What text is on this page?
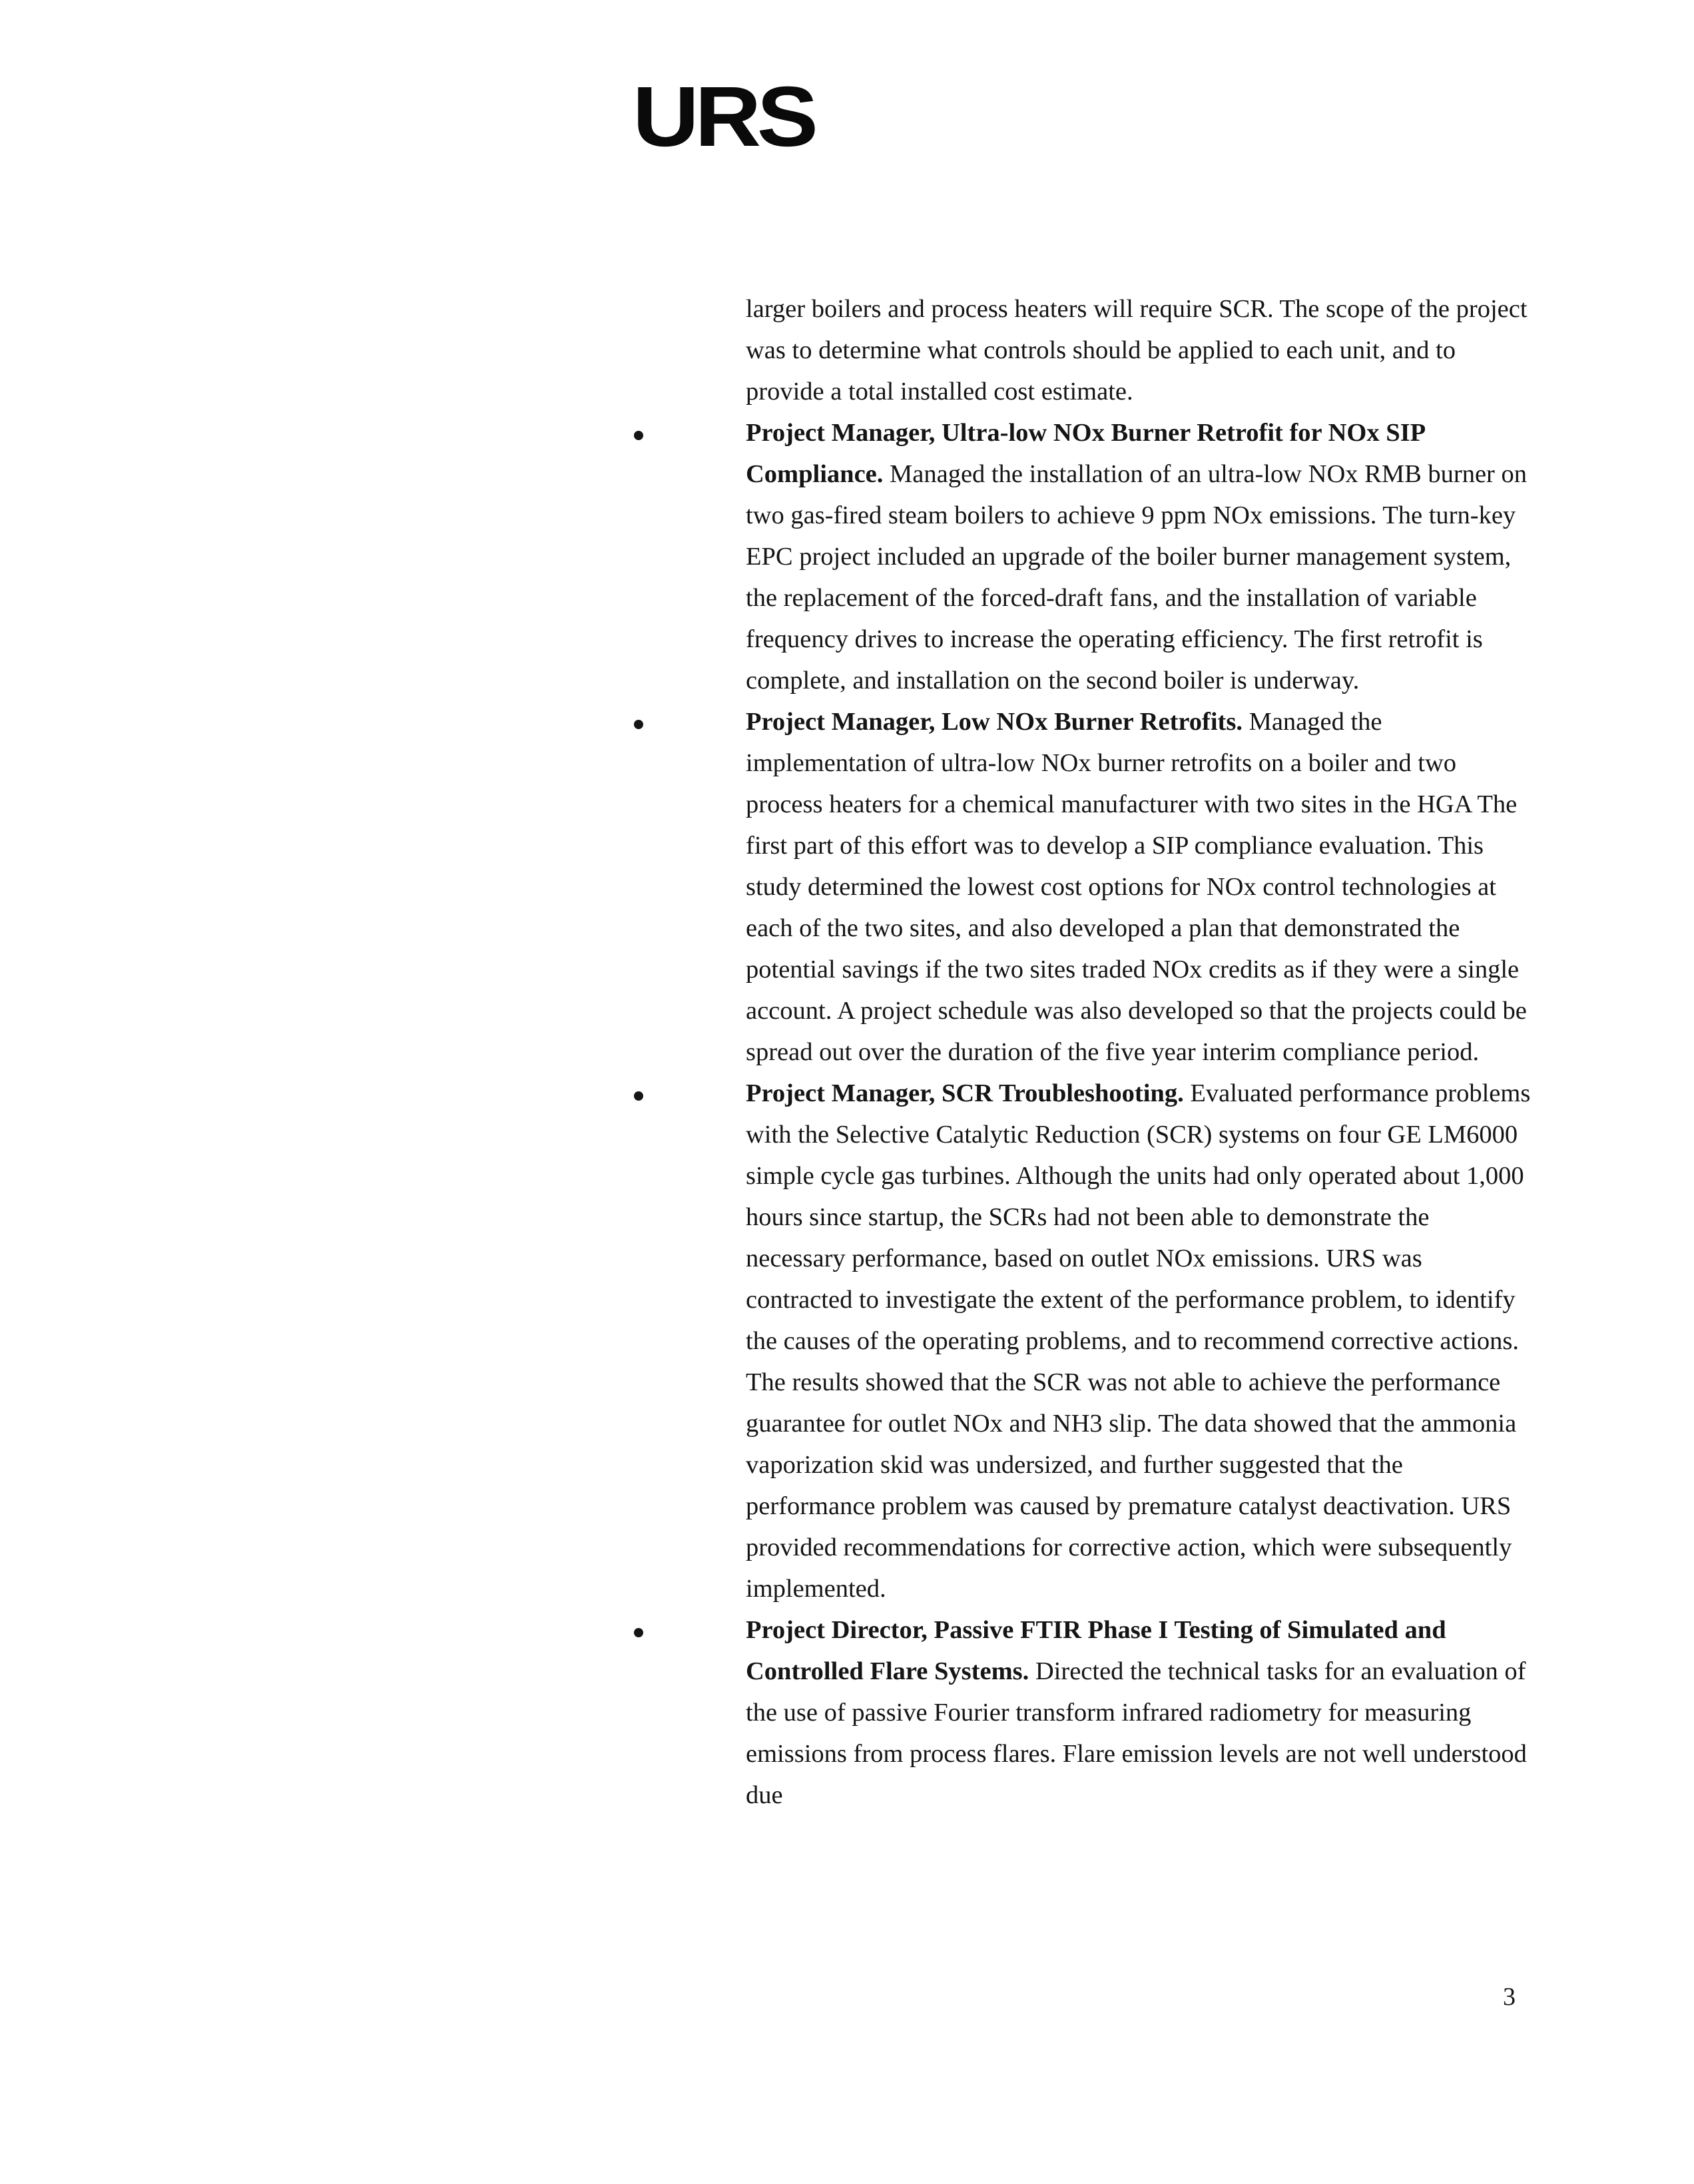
URS

larger boilers and process heaters will require SCR. The scope of the project was to determine what controls should be applied to each unit, and to provide a total installed cost estimate.

Project Manager, Ultra-low NOx Burner Retrofit for NOx SIP Compliance. Managed the installation of an ultra-low NOx RMB burner on two gas-fired steam boilers to achieve 9 ppm NOx emissions. The turn-key EPC project included an upgrade of the boiler burner management system, the replacement of the forced-draft fans, and the installation of variable frequency drives to increase the operating efficiency. The first retrofit is complete, and installation on the second boiler is underway.
Project Manager, Low NOx Burner Retrofits. Managed the implementation of ultra-low NOx burner retrofits on a boiler and two process heaters for a chemical manufacturer with two sites in the HGA The first part of this effort was to develop a SIP compliance evaluation. This study determined the lowest cost options for NOx control technologies at each of the two sites, and also developed a plan that demonstrated the potential savings if the two sites traded NOx credits as if they were a single account. A project schedule was also developed so that the projects could be spread out over the duration of the five year interim compliance period.
Project Manager, SCR Troubleshooting. Evaluated performance problems with the Selective Catalytic Reduction (SCR) systems on four GE LM6000 simple cycle gas turbines. Although the units had only operated about 1,000 hours since startup, the SCRs had not been able to demonstrate the necessary performance, based on outlet NOx emissions. URS was contracted to investigate the extent of the performance problem, to identify the causes of the operating problems, and to recommend corrective actions. The results showed that the SCR was not able to achieve the performance guarantee for outlet NOx and NH3 slip. The data showed that the ammonia vaporization skid was undersized, and further suggested that the performance problem was caused by premature catalyst deactivation. URS provided recommendations for corrective action, which were subsequently implemented.
Project Director, Passive FTIR Phase I Testing of Simulated and Controlled Flare Systems. Directed the technical tasks for an evaluation of the use of passive Fourier transform infrared radiometry for measuring emissions from process flares. Flare emission levels are not well understood due
3
